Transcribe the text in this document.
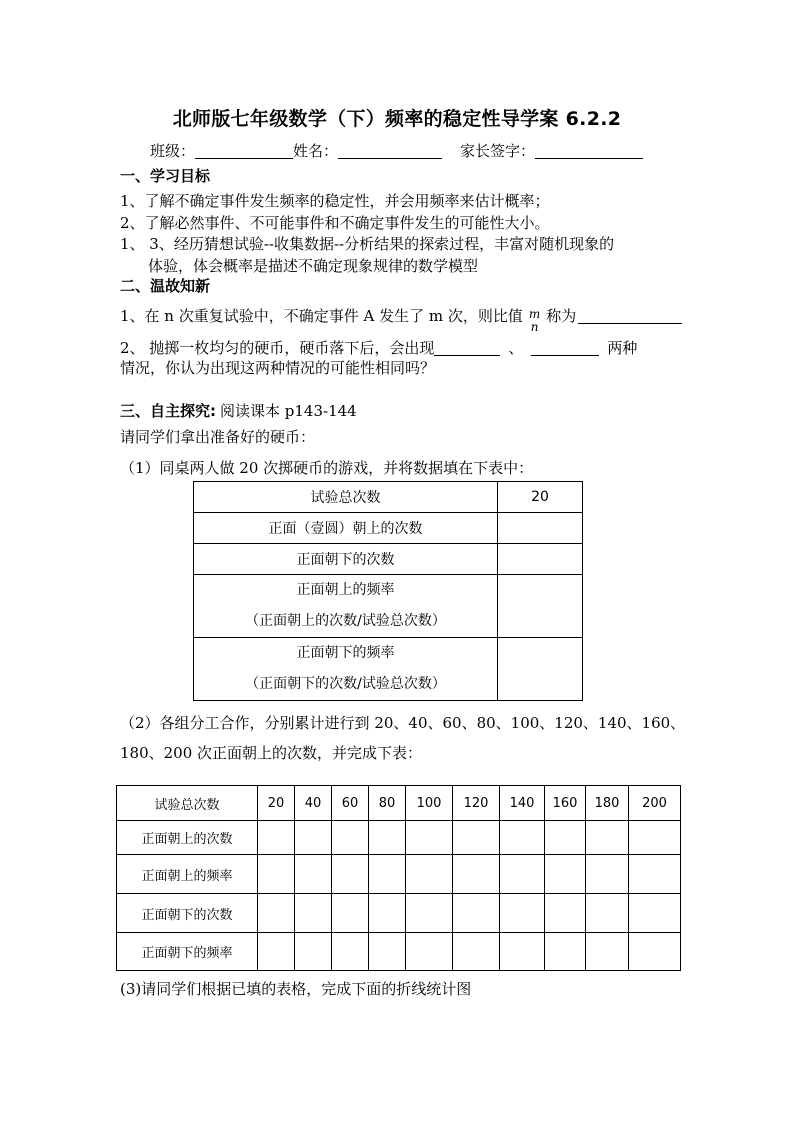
北师版七年级数学（下）频率的稳定性导学案 6.2.2
班级：	姓名：	家长签字：
一、学习目标
1、了解不确定事件发生频率的稳定性，并会用频率来估计概率；
2、了解必然事件、不可能事件和不确定事件发生的可能性大小。
1、 3、经历猜想试验--收集数据--分析结果的探索过程，丰富对随机现象的
体验，体会概率是描述不确定现象规律的数学模型
二、温故知新
1、在 n 次重复试验中，不确定事件 A 发生了 m 次，则比值 m
n称为
2、 抛掷一枚均匀的硬币，硬币落下后，会出现	、	两种
情况，你认为出现这两种情况的可能性相同吗？
三、自主探究: 阅读课本 p143-144
请同学们拿出准备好的硬币：
（1）同桌两人做 20 次掷硬币的游戏，并将数据填在下表中：
试验总次数	20
正面（壹圆）朝上的次数	
正面朝下的次数	
正面朝上的频率
（正面朝上的次数/试验总次数）	
正面朝下的频率
（正面朝下的次数/试验总次数）	
（2）各组分工合作，分别累计进行到 20、40、60、80、100、120、140、160、
180、200 次正面朝上的次数，并完成下表：
试验总次数	20	40	60	80	100	120	140	160	180	200
正面朝上的次数										
正面朝上的频率										
正面朝下的次数										
正面朝下的频率										
(3)请同学们根据已填的表格，完成下面的折线统计图
